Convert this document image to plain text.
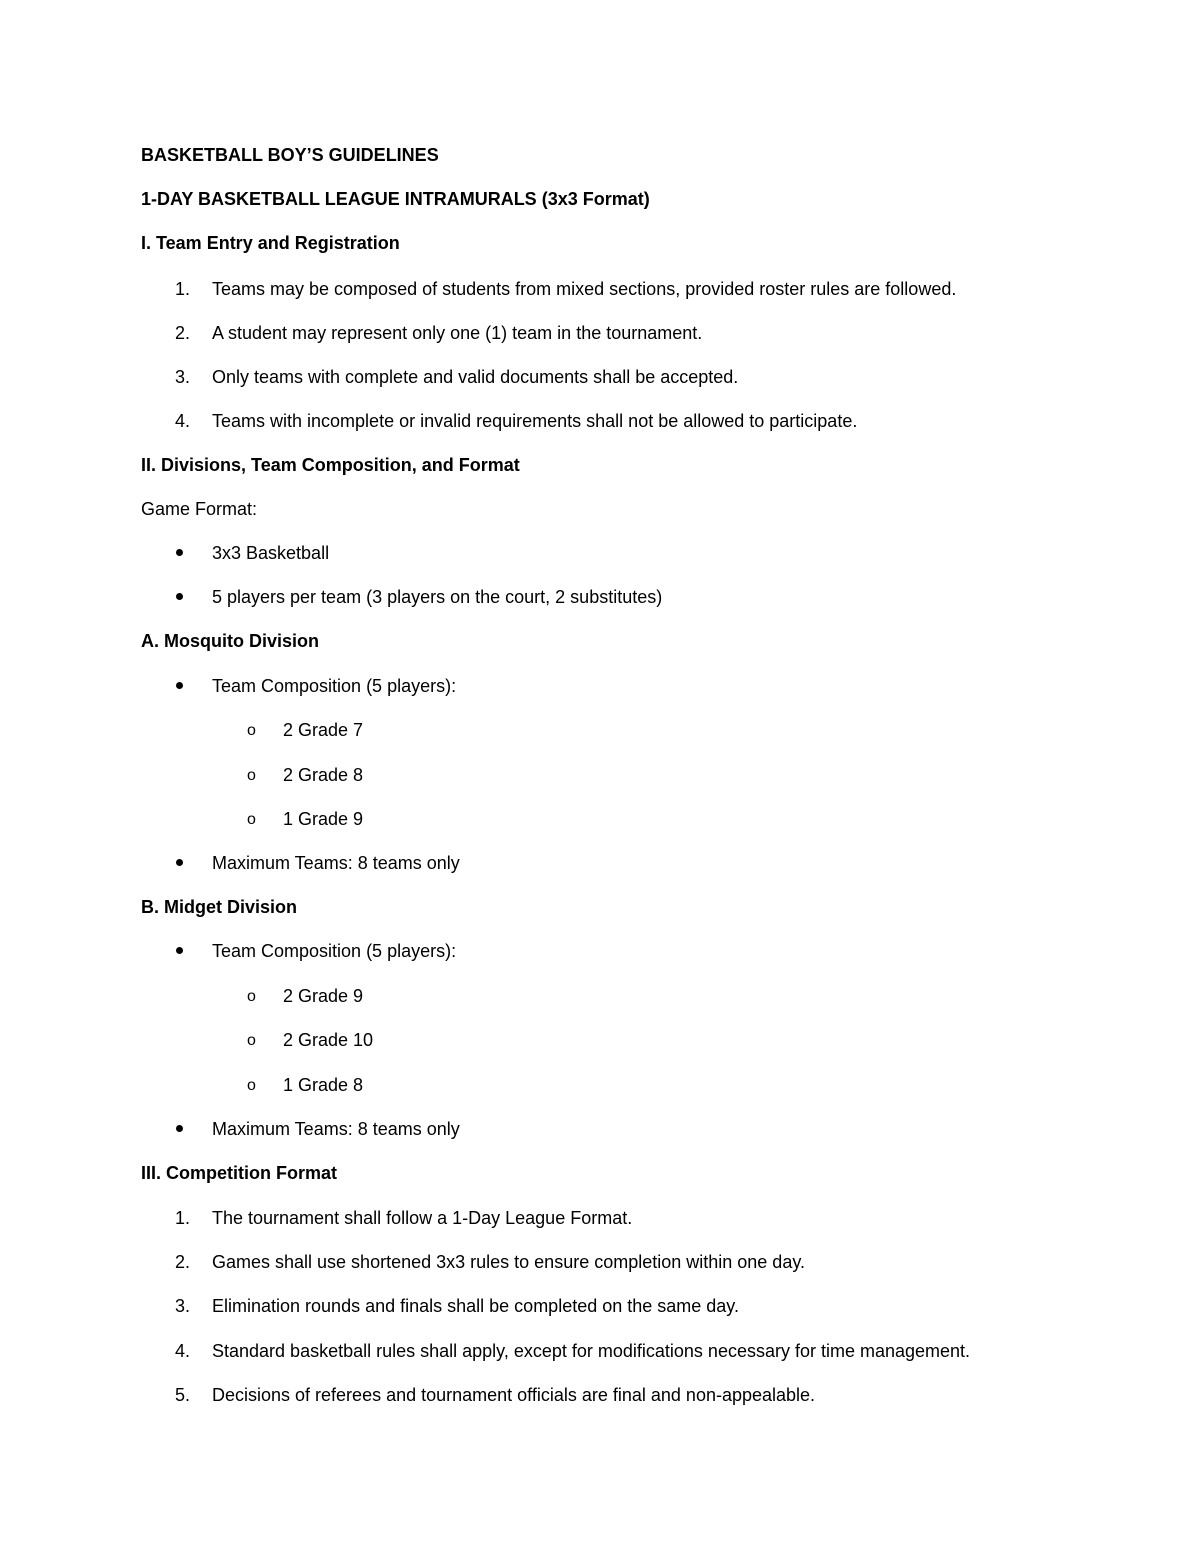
BASKETBALL BOY’S GUIDELINES
1-DAY BASKETBALL LEAGUE INTRAMURALS (3x3 Format)
I. Team Entry and Registration
1. Teams may be composed of students from mixed sections, provided roster rules are followed.
2. A student may represent only one (1) team in the tournament.
3. Only teams with complete and valid documents shall be accepted.
4. Teams with incomplete or invalid requirements shall not be allowed to participate.
II. Divisions, Team Composition, and Format
Game Format:
3x3 Basketball
5 players per team (3 players on the court, 2 substitutes)
A. Mosquito Division
Team Composition (5 players):
o 2 Grade 7
o 2 Grade 8
o 1 Grade 9
Maximum Teams: 8 teams only
B. Midget Division
Team Composition (5 players):
o 2 Grade 9
o 2 Grade 10
o 1 Grade 8
Maximum Teams: 8 teams only
III. Competition Format
1. The tournament shall follow a 1-Day League Format.
2. Games shall use shortened 3x3 rules to ensure completion within one day.
3. Elimination rounds and finals shall be completed on the same day.
4. Standard basketball rules shall apply, except for modifications necessary for time management.
5. Decisions of referees and tournament officials are final and non-appealable.
